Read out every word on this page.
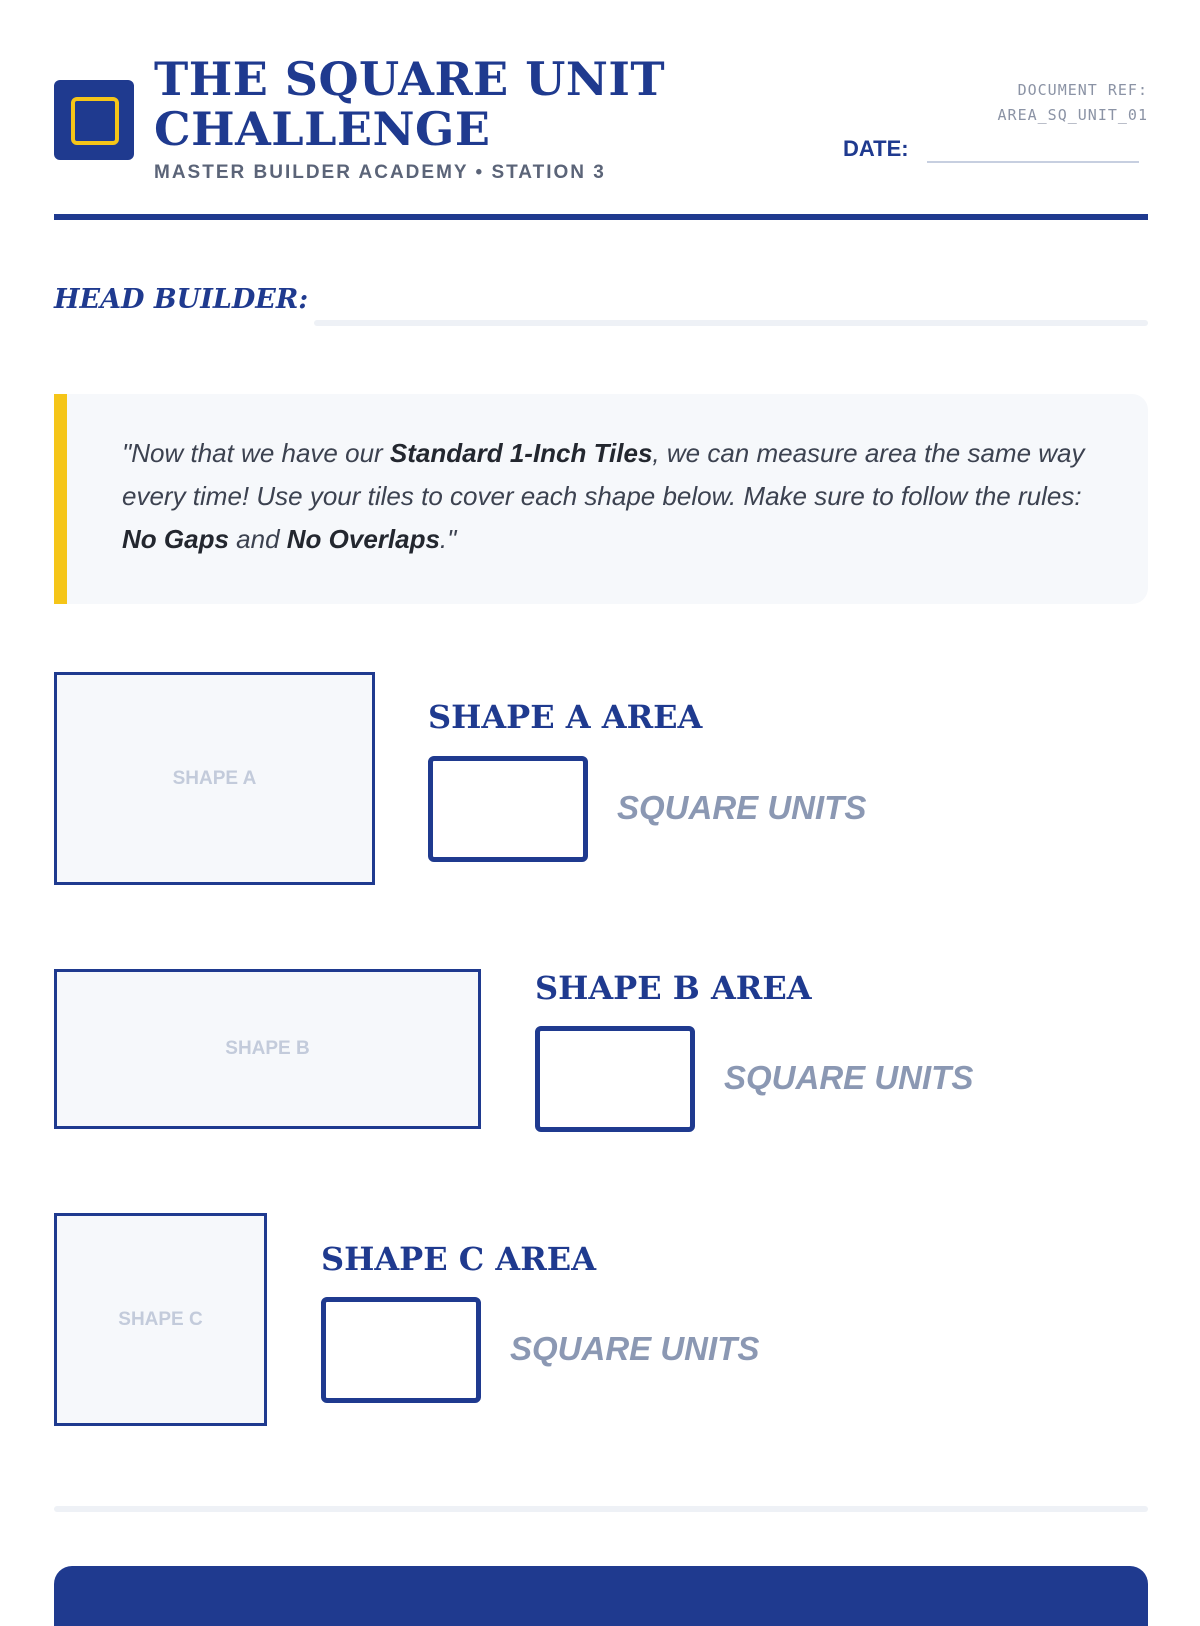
THE SQUARE UNIT CHALLENGE
MASTER BUILDER ACADEMY • STATION 3
DOCUMENT REF:
AREA_SQ_UNIT_01
DATE:
HEAD BUILDER:
"Now that we have our Standard 1-Inch Tiles, we can measure area the same way every time! Use your tiles to cover each shape below. Make sure to follow the rules: No Gaps and No Overlaps."
SHAPE A
SHAPE A AREA
SQUARE UNITS
SHAPE B
SHAPE B AREA
SQUARE UNITS
SHAPE C
SHAPE C AREA
SQUARE UNITS
